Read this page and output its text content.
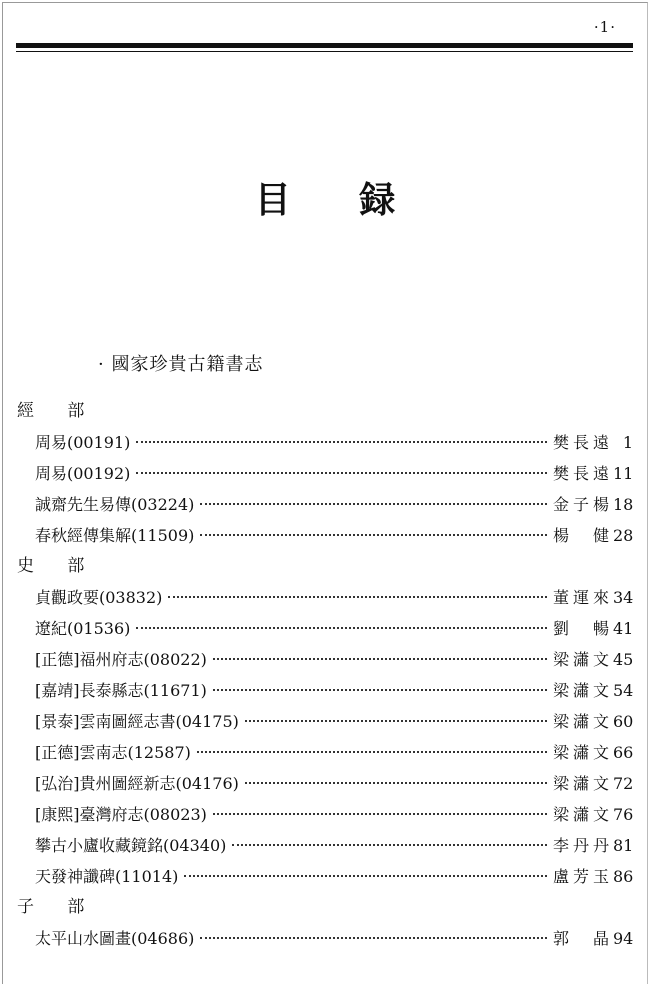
·1·
目 録
· 國家珍貴古籍書志
經 部
周易(00191)	樊長遠 1
周易(00192)	樊長遠 11
誠齋先生易傳(03224)	金子楊 18
春秋經傳集解(11509)	楊 健 28
史 部
貞觀政要(03832)	董運來 34
遼紀(01536)	劉 暢 41
[正德]福州府志(08022)	梁瀟文 45
[嘉靖]長泰縣志(11671)	梁瀟文 54
[景泰]雲南圖經志書(04175)	梁瀟文 60
[正德]雲南志(12587)	梁瀟文 66
[弘治]貴州圖經新志(04176)	梁瀟文 72
[康熙]臺灣府志(08023)	梁瀟文 76
攀古小廬收藏鏡銘(04340)	李丹丹 81
天發神讖碑(11014)	盧芳玉 86
子 部
太平山水圖畫(04686)	郭 晶 94
